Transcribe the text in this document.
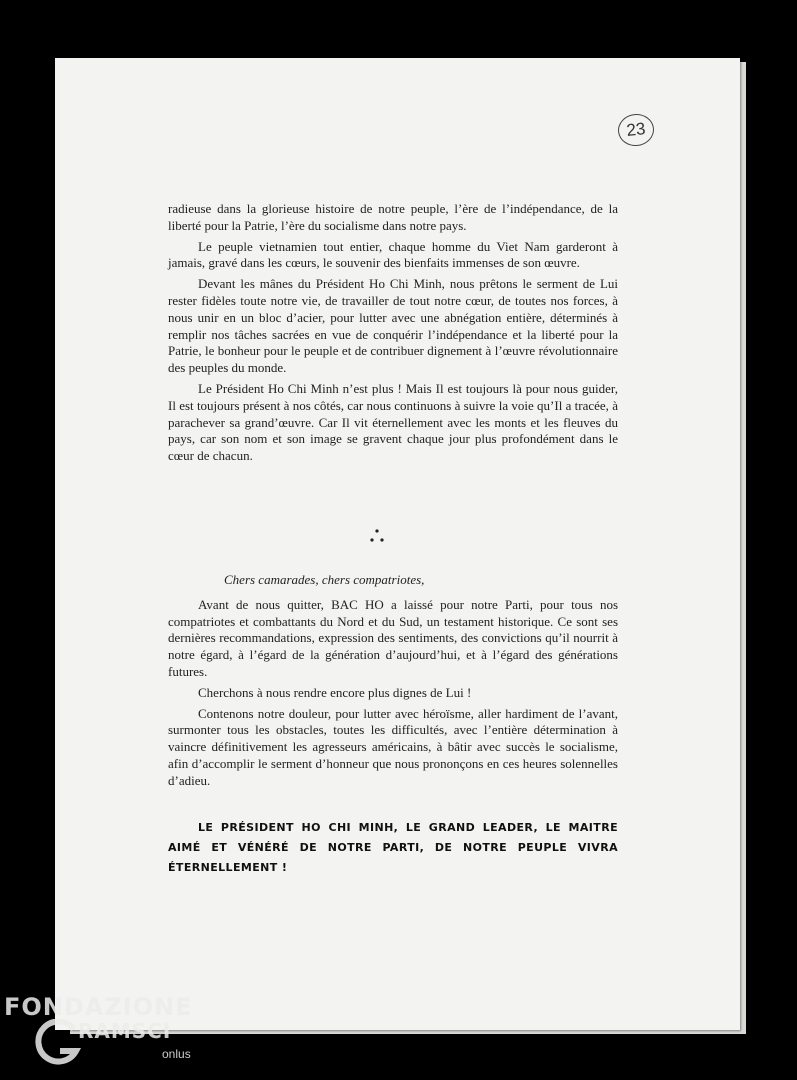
23

radieuse dans la glorieuse histoire de notre peuple, l’ère de l’indépendance, de la liberté pour la Patrie, l’ère du socialisme dans notre pays.

Le peuple vietnamien tout entier, chaque homme du Viet Nam garderont à jamais, gravé dans les cœurs, le souvenir des bienfaits immenses de son œuvre.

Devant les mânes du Président Ho Chi Minh, nous prêtons le serment de Lui rester fidèles toute notre vie, de travailler de tout notre cœur, de toutes nos forces, à nous unir en un bloc d’acier, pour lutter avec une abnégation entière, déterminés à remplir nos tâches sacrées en vue de conquérir l’indépendance et la liberté pour la Patrie, le bonheur pour le peuple et de contribuer dignement à l’œuvre révolutionnaire des peuples du monde.

Le Président Ho Chi Minh n’est plus ! Mais Il est toujours là pour nous guider, Il est toujours présent à nos côtés, car nous continuons à suivre la voie qu’Il a tracée, à parachever sa grand’œuvre. Car Il vit éternellement avec les monts et les fleuves du pays, car son nom et son image se gravent chaque jour plus profondément dans le cœur de chacun.

Chers camarades, chers compatriotes,

Avant de nous quitter, BAC HO a laissé pour notre Parti, pour tous nos compatriotes et combattants du Nord et du Sud, un testament historique. Ce sont ses dernières recommandations, expression des sentiments, des convictions qu’il nourrit à notre égard, à l’égard de la génération d’aujourd’hui, et à l’égard des générations futures.

Cherchons à nous rendre encore plus dignes de Lui !

Contenons notre douleur, pour lutter avec héroïsme, aller hardiment de l’avant, surmonter tous les obstacles, toutes les difficultés, avec l’entière détermination à vaincre définitivement les agresseurs américains, à bâtir avec succès le socialisme, afin d’accomplir le serment d’honneur que nous prononçons en ces heures solennelles d’adieu.

LE PRÉSIDENT HO CHI MINH, LE GRAND LEADER, LE MAITRE AIMÉ ET VÉNÉRÉ DE NOTRE PARTI, DE NOTRE PEUPLE VIVRA ÉTERNELLEMENT !
FONDAZIONE
RAMSCI
onlus
